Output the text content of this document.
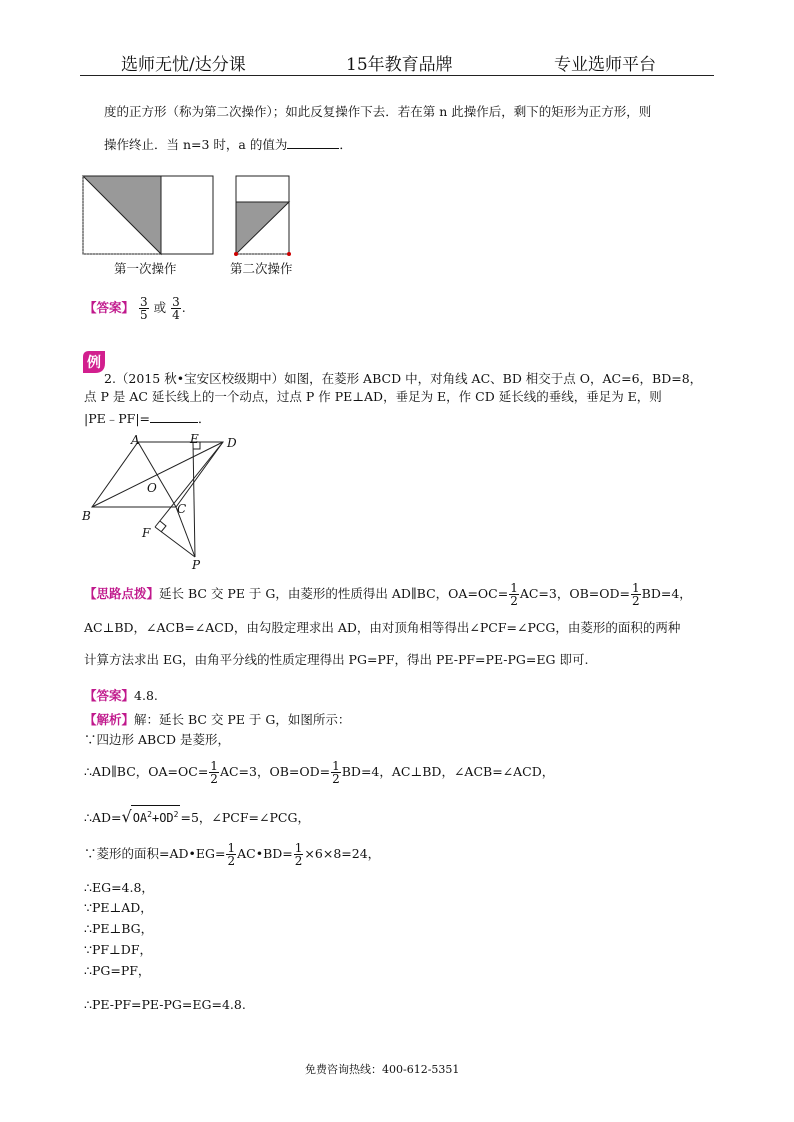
选师无忧/达分课	15年教育品牌	专业选师平台
度的正方形（称为第二次操作）；如此反复操作下去．若在第 n 此操作后，剩下的矩形为正方形，则
操作终止．当 n=3 时，a 的值为	．
第一次操作	第二次操作
【答案】 $\frac{3}{5}$ 或 $\frac{3}{4}$ .
例
2.（2015 秋•宝安区校级期中）如图，在菱形 ABCD 中，对角线 AC、BD 相交于点 O，AC=6，BD=8，
点 P 是 AC 延长线上的一个动点，过点 P 作 PE⊥AD，垂足为 E，作 CD 延长线的垂线，垂足为 E，则
|PE﹣PF|=	．
A	E D
O
B	C
F
P
【思路点拨】延长 BC 交 PE 于 G，由菱形的性质得出 AD∥BC，$OA=OC= \frac{1}{2} AC=3$，$OB=OD= \frac{1}{2} BD=4$，
AC⊥BD，∠ACB=∠ACD，由勾股定理求出 AD，由对顶角相等得出∠PCF=∠PCG，由菱形的面积的两种
计算方法求出 EG，由角平分线的性质定理得出 PG=PF，得出 PE-PF=PE-PG=EG 即可.
【答案】4.8.
【解析】解：延长 BC 交 PE 于 G，如图所示：
∵四边形 ABCD 是菱形，
∴AD∥BC，$OA=OC= \frac{1}{2} AC=3$，$OB=OD= \frac{1}{2} BD=4$，AC⊥BD，∠ACB=∠ACD，
$\therefore AD=√OA^2+OD^2 =5$，∠PCF=∠PCG，
∵菱形的面积=AD•EG= $\frac{1}{2}$ AC•BD= $\frac{1}{2} \times 6\times 8=24$，
∴EG=4.8，
∵PE⊥AD，
∴PE⊥BG，
∵PF⊥DF，
∴PG=PF，
∴PE-PF=PE-PG=EG=4.8.
免费咨询热线：400-612-5351
